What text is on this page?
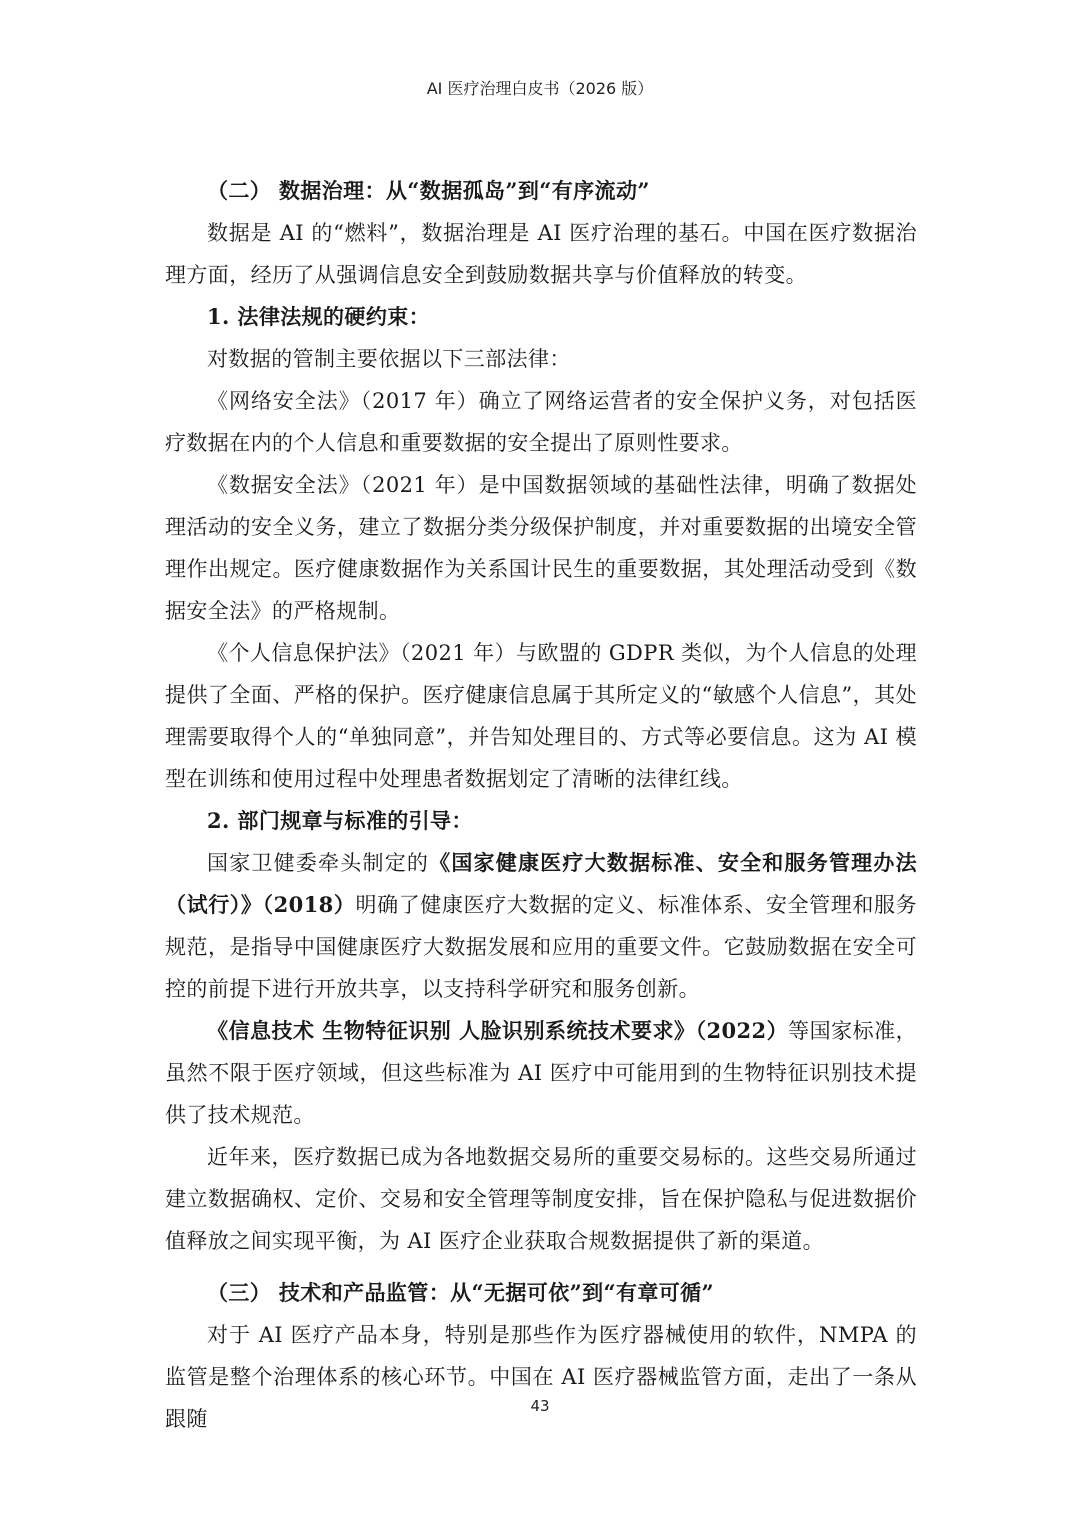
AI 医疗治理白皮书（2026 版）

（二） 数据治理：从“数据孤岛”到“有序流动”

数据是 AI 的“燃料”，数据治理是 AI 医疗治理的基石。中国在医疗数据治理方面，经历了从强调信息安全到鼓励数据共享与价值释放的转变。

1. 法律法规的硬约束：

对数据的管制主要依据以下三部法律：

《网络安全法》（2017 年）确立了网络运营者的安全保护义务，对包括医疗数据在内的个人信息和重要数据的安全提出了原则性要求。

《数据安全法》（2021 年）是中国数据领域的基础性法律，明确了数据处理活动的安全义务，建立了数据分类分级保护制度，并对重要数据的出境安全管理作出规定。医疗健康数据作为关系国计民生的重要数据，其处理活动受到《数据安全法》的严格规制。

《个人信息保护法》（2021 年）与欧盟的 GDPR 类似，为个人信息的处理提供了全面、严格的保护。医疗健康信息属于其所定义的“敏感个人信息”，其处理需要取得个人的“单独同意”，并告知处理目的、方式等必要信息。这为 AI 模型在训练和使用过程中处理患者数据划定了清晰的法律红线。

2. 部门规章与标准的引导：

国家卫健委牵头制定的《国家健康医疗大数据标准、安全和服务管理办法（试行）》（2018）明确了健康医疗大数据的定义、标准体系、安全管理和服务规范，是指导中国健康医疗大数据发展和应用的重要文件。它鼓励数据在安全可控的前提下进行开放共享，以支持科学研究和服务创新。

《信息技术 生物特征识别 人脸识别系统技术要求》（2022）等国家标准，虽然不限于医疗领域，但这些标准为 AI 医疗中可能用到的生物特征识别技术提供了技术规范。

近年来，医疗数据已成为各地数据交易所的重要交易标的。这些交易所通过建立数据确权、定价、交易和安全管理等制度安排，旨在保护隐私与促进数据价值释放之间实现平衡，为 AI 医疗企业获取合规数据提供了新的渠道。

（三） 技术和产品监管：从“无据可依”到“有章可循”

对于 AI 医疗产品本身，特别是那些作为医疗器械使用的软件，NMPA 的监管是整个治理体系的核心环节。中国在 AI 医疗器械监管方面，走出了一条从跟随

43
